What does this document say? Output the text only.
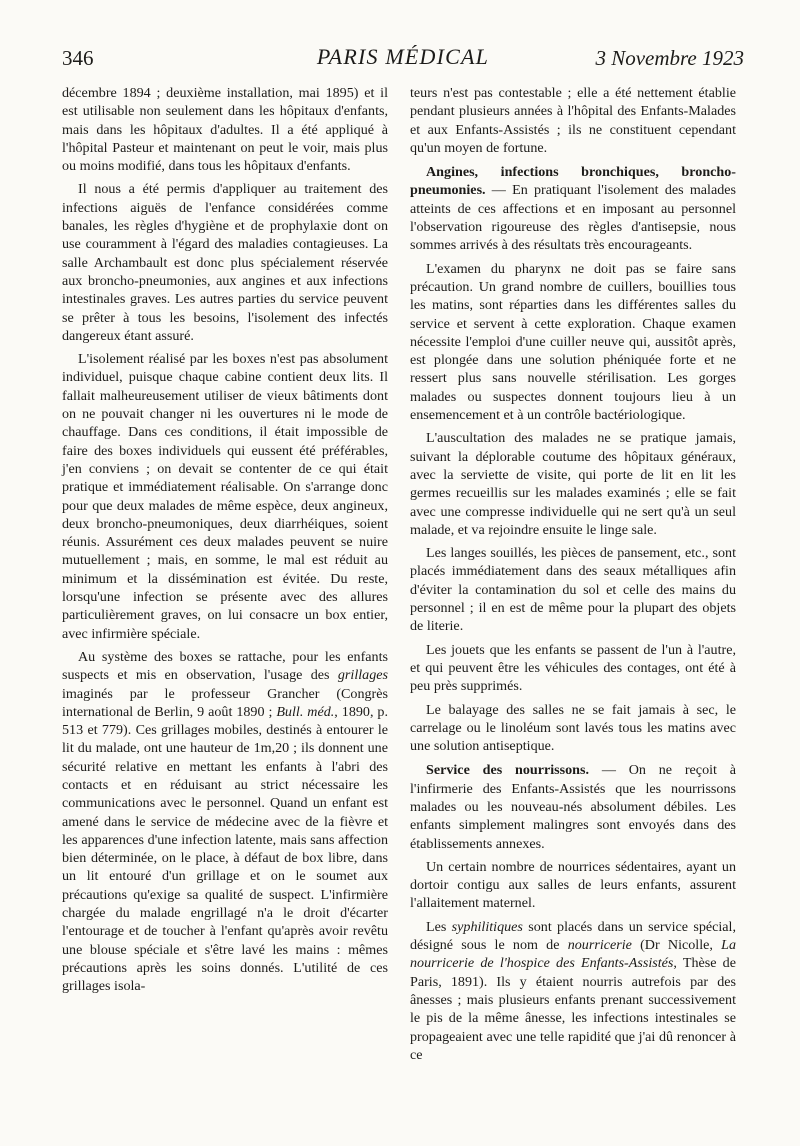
346	PARIS MÉDICAL	3 Novembre 1923

décembre 1894 ; deuxième installation, mai 1895) et il est utilisable non seulement dans les hôpitaux d'enfants, mais dans les hôpitaux d'adultes. Il a été appliqué à l'hôpital Pasteur et maintenant on peut le voir, mais plus ou moins modifié, dans tous les hôpitaux d'enfants.

Il nous a été permis d'appliquer au traitement des infections aiguës de l'enfance considérées comme banales, les règles d'hygiène et de prophylaxie dont on use couramment à l'égard des maladies contagieuses. La salle Archambault est donc plus spécialement réservée aux broncho-pneumonies, aux angines et aux infections intestinales graves. Les autres parties du service peuvent se prêter à tous les besoins, l'isolement des infectés dangereux étant assuré.

L'isolement réalisé par les boxes n'est pas absolument individuel, puisque chaque cabine contient deux lits. Il fallait malheureusement utiliser de vieux bâtiments dont on ne pouvait changer ni les ouvertures ni le mode de chauffage. Dans ces conditions, il était impossible de faire des boxes individuels qui eussent été préférables, j'en conviens ; on devait se contenter de ce qui était pratique et immédiatement réalisable. On s'arrange donc pour que deux malades de même espèce, deux angineux, deux broncho-pneumoniques, deux diarrhéiques, soient réunis. Assurément ces deux malades peuvent se nuire mutuellement ; mais, en somme, le mal est réduit au minimum et la dissémination est évitée. Du reste, lorsqu'une infection se présente avec des allures particulièrement graves, on lui consacre un box entier, avec infirmière spéciale.

Au système des boxes se rattache, pour les enfants suspects et mis en observation, l'usage des grillages imaginés par le professeur Grancher (Congrès international de Berlin, 9 août 1890 ; Bull. méd., 1890, p. 513 et 779). Ces grillages mobiles, destinés à entourer le lit du malade, ont une hauteur de 1m,20 ; ils donnent une sécurité relative en mettant les enfants à l'abri des contacts et en réduisant au strict nécessaire les communications avec le personnel. Quand un enfant est amené dans le service de médecine avec de la fièvre et les apparences d'une infection latente, mais sans affection bien déterminée, on le place, à défaut de box libre, dans un lit entouré d'un grillage et on le soumet aux précautions qu'exige sa qualité de suspect. L'infirmière chargée du malade engrillagé n'a le droit d'écarter l'entourage et de toucher à l'enfant qu'après avoir revêtu une blouse spéciale et s'être lavé les mains : mêmes précautions après les soins donnés. L'utilité de ces grillages isola-

teurs n'est pas contestable ; elle a été nettement établie pendant plusieurs années à l'hôpital des Enfants-Malades et aux Enfants-Assistés ; ils ne constituent cependant qu'un moyen de fortune.

Angines, infections bronchiques, broncho-pneumonies. — En pratiquant l'isolement des malades atteints de ces affections et en imposant au personnel l'observation rigoureuse des règles d'antisepsie, nous sommes arrivés à des résultats très encourageants.

L'examen du pharynx ne doit pas se faire sans précaution. Un grand nombre de cuillers, bouillies tous les matins, sont réparties dans les différentes salles du service et servent à cette exploration. Chaque examen nécessite l'emploi d'une cuiller neuve qui, aussitôt après, est plongée dans une solution phéniquée forte et ne ressert plus sans nouvelle stérilisation. Les gorges malades ou suspectes donnent toujours lieu à un ensemencement et à un contrôle bactériologique.

L'auscultation des malades ne se pratique jamais, suivant la déplorable coutume des hôpitaux généraux, avec la serviette de visite, qui porte de lit en lit les germes recueillis sur les malades examinés ; elle se fait avec une compresse individuelle qui ne sert qu'à un seul malade, et va rejoindre ensuite le linge sale.

Les langes souillés, les pièces de pansement, etc., sont placés immédiatement dans des seaux métalliques afin d'éviter la contamination du sol et celle des mains du personnel ; il en est de même pour la plupart des objets de literie.

Les jouets que les enfants se passent de l'un à l'autre, et qui peuvent être les véhicules des contages, ont été à peu près supprimés.

Le balayage des salles ne se fait jamais à sec, le carrelage ou le linoléum sont lavés tous les matins avec une solution antiseptique.

Service des nourrissons. — On ne reçoit à l'infirmerie des Enfants-Assistés que les nourrissons malades ou les nouveau-nés absolument débiles. Les enfants simplement malingres sont envoyés dans des établissements annexes.

Un certain nombre de nourrices sédentaires, ayant un dortoir contigu aux salles de leurs enfants, assurent l'allaitement maternel.

Les syphilitiques sont placés dans un service spécial, désigné sous le nom de nourricerie (Dr Nicolle, La nourricerie de l'hospice des Enfants-Assistés, Thèse de Paris, 1891). Ils y étaient nourris autrefois par des ânesses ; mais plusieurs enfants prenant successivement le pis de la même ânesse, les infections intestinales se propageaient avec une telle rapidité que j'ai dû renoncer à ce
